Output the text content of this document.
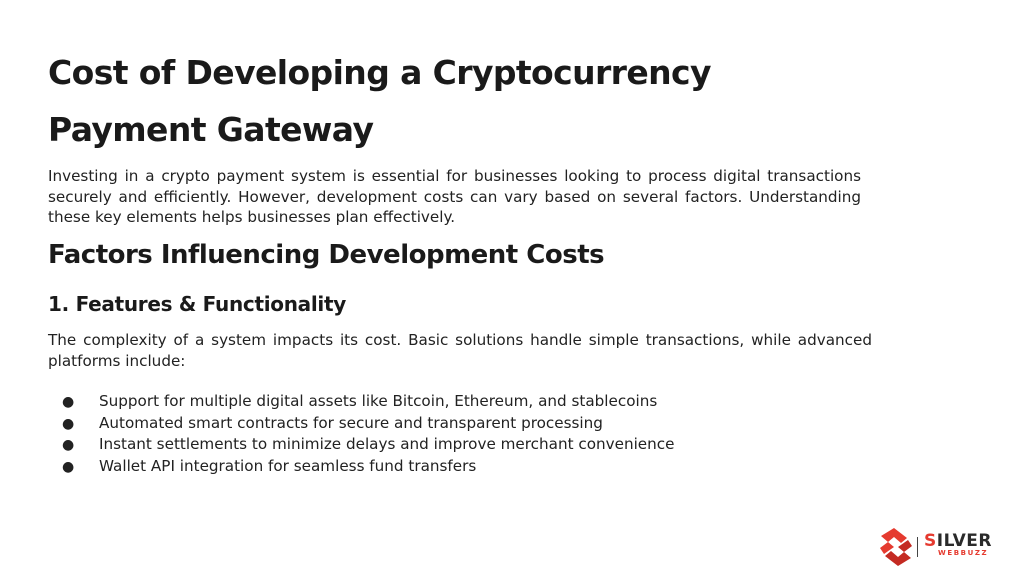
Cost of Developing a Cryptocurrency Payment Gateway

Investing in a crypto payment system is essential for businesses looking to process digital transactions securely and efficiently. However, development costs can vary based on several factors. Understanding these key elements helps businesses plan effectively.

Factors Influencing Development Costs
1. Features & Functionality

The complexity of a system impacts its cost. Basic solutions handle simple transactions, while advanced platforms include:

● Support for multiple digital assets like Bitcoin, Ethereum, and stablecoins
● Automated smart contracts for secure and transparent processing
● Instant settlements to minimize delays and improve merchant convenience
● Wallet API integration for seamless fund transfers
SILVER
WEBBUZZ
